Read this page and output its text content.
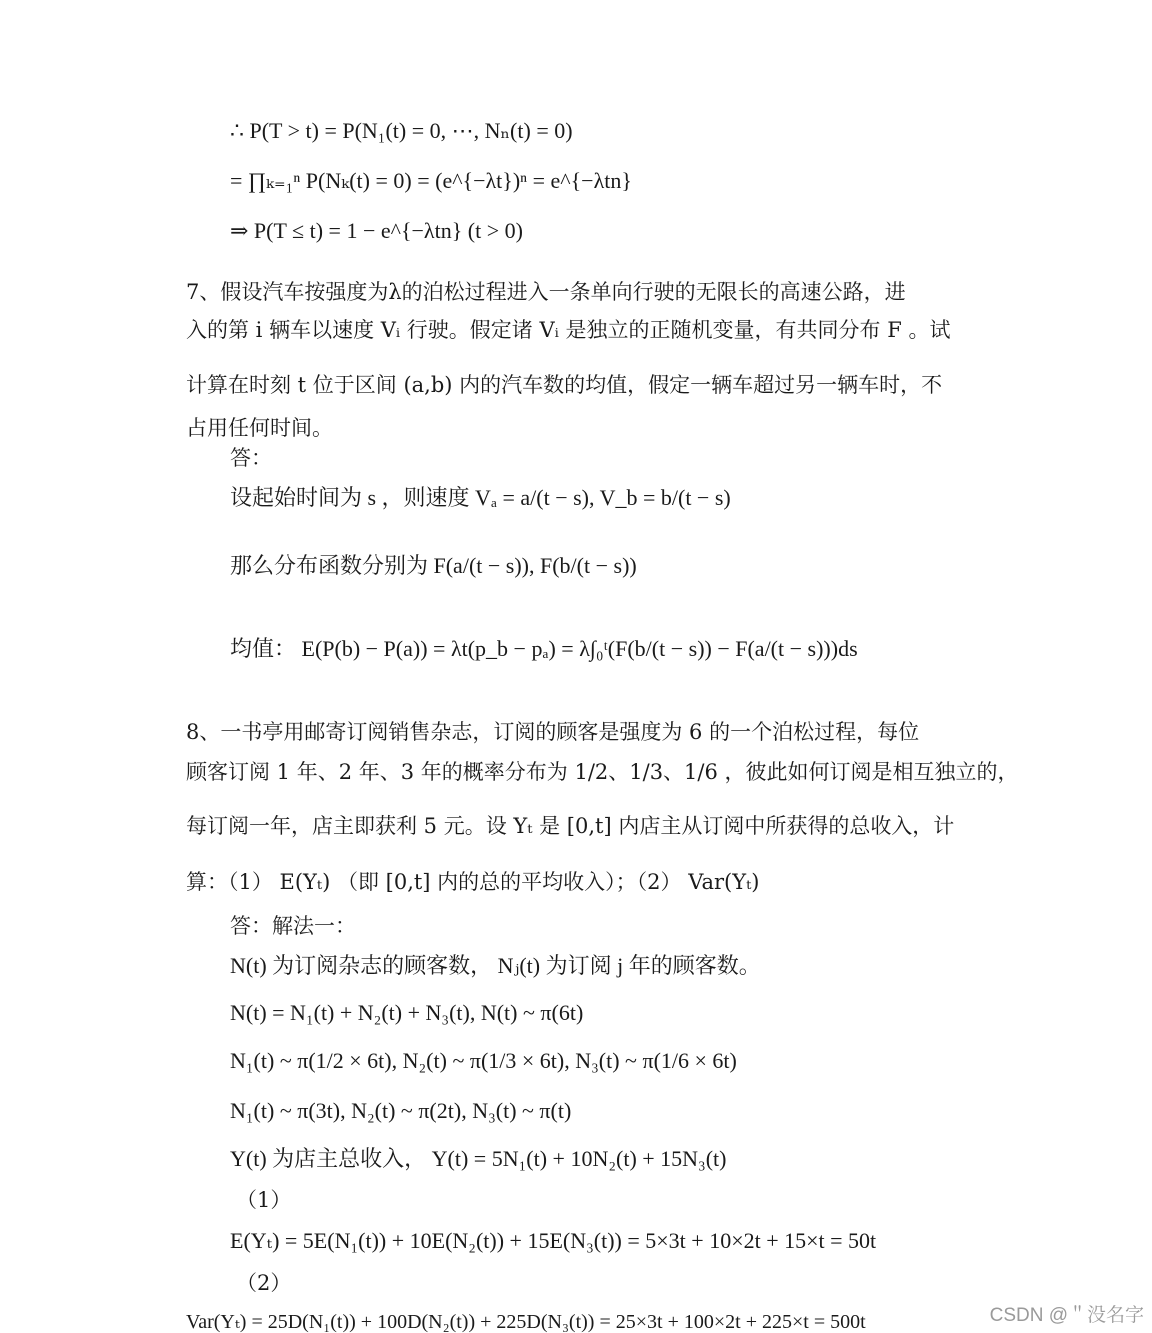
∴ P(T > t) = P(N₁(t) = 0, ⋯, Nₙ(t) = 0)
= ∏ₖ₌₁ⁿ P(Nₖ(t) = 0) = (e^{−λt})ⁿ = e^{−λtn}
⇒ P(T ≤ t) = 1 − e^{−λtn} (t > 0)
7、假设汽车按强度为λ的泊松过程进入一条单向行驶的无限长的高速公路，进
入的第 i 辆车以速度 Vᵢ 行驶。假定诸 Vᵢ 是独立的正随机变量，有共同分布 F 。试
计算在时刻 t 位于区间 (a,b) 内的汽车数的均值，假定一辆车超过另一辆车时，不
占用任何时间。
答：
设起始时间为 s ，则速度 Vₐ = a/(t − s), V_b = b/(t − s)
那么分布函数分别为 F(a/(t − s)), F(b/(t − s))
均值： E(P(b) − P(a)) = λt(p_b − pₐ) = λ∫₀ᵗ(F(b/(t − s)) − F(a/(t − s)))ds
8、一书亭用邮寄订阅销售杂志，订阅的顾客是强度为 6 的一个泊松过程，每位
顾客订阅 1 年、2 年、3 年的概率分布为 1/2、1/3、1/6 ，彼此如何订阅是相互独立的，
每订阅一年，店主即获利 5 元。设 Yₜ 是 [0,t] 内店主从订阅中所获得的总收入，计
算：（1） E(Yₜ) （即 [0,t] 内的总的平均收入）；（2） Var(Yₜ)
答：解法一：
N(t) 为订阅杂志的顾客数， Nⱼ(t) 为订阅 j 年的顾客数。
N(t) = N₁(t) + N₂(t) + N₃(t), N(t) ~ π(6t)
N₁(t) ~ π(1/2 × 6t), N₂(t) ~ π(1/3 × 6t), N₃(t) ~ π(1/6 × 6t)
N₁(t) ~ π(3t), N₂(t) ~ π(2t), N₃(t) ~ π(t)
Y(t) 为店主总收入， Y(t) = 5N₁(t) + 10N₂(t) + 15N₃(t)
（1）
E(Yₜ) = 5E(N₁(t)) + 10E(N₂(t)) + 15E(N₃(t)) = 5×3t + 10×2t + 15×t = 50t
（2）
Var(Yₜ) = 25D(N₁(t)) + 100D(N₂(t)) + 225D(N₃(t)) = 25×3t + 100×2t + 225×t = 500t	CSDN @＂没名字
